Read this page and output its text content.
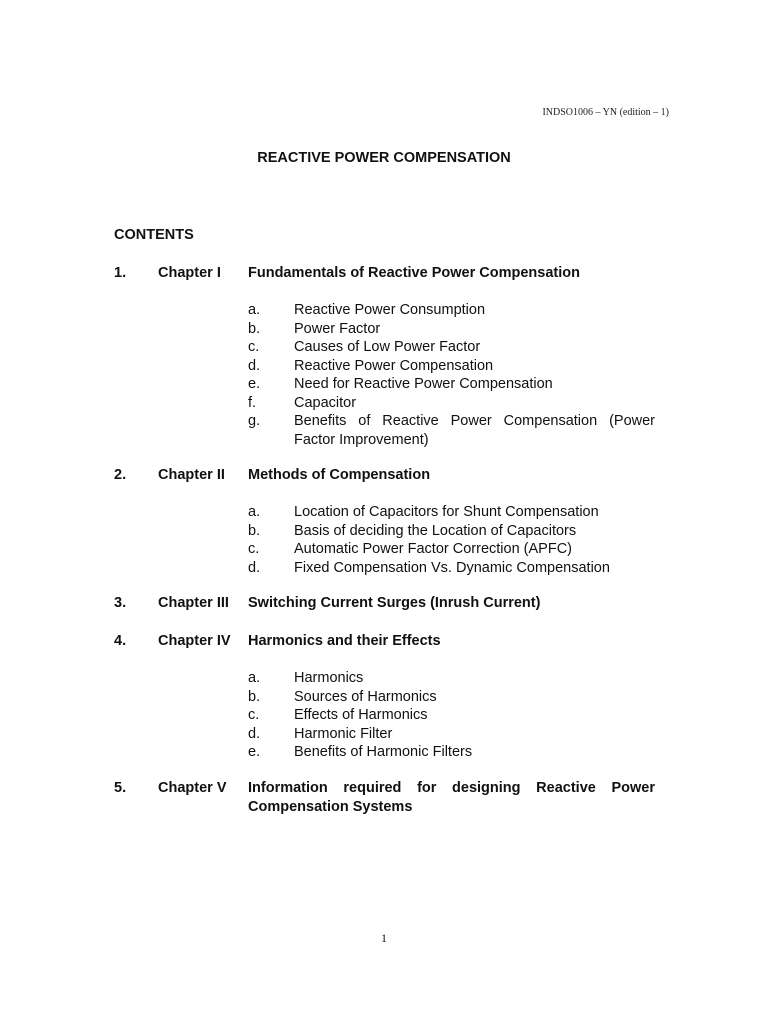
INDSO1006 – YN (edition – 1)
REACTIVE POWER COMPENSATION
CONTENTS
1. Chapter I Fundamentals of Reactive Power Compensation
a. Reactive Power Consumption
b. Power Factor
c. Causes of Low Power Factor
d. Reactive Power Compensation
e. Need for Reactive Power Compensation
f.	Capacitor
g. Benefits of Reactive Power Compensation (Power Factor Improvement)
2. Chapter II Methods of Compensation
a. Location of Capacitors for Shunt Compensation
b. Basis of deciding the Location of Capacitors
c. Automatic Power Factor Correction (APFC)
d. Fixed Compensation Vs. Dynamic Compensation
3. Chapter III Switching Current Surges (Inrush Current)
4. Chapter IV Harmonics and their Effects
a. Harmonics
b. Sources of Harmonics
c. Effects of Harmonics
d. Harmonic Filter
e. Benefits of Harmonic Filters
5. Chapter V Information required for designing Reactive Power Compensation Systems
1
